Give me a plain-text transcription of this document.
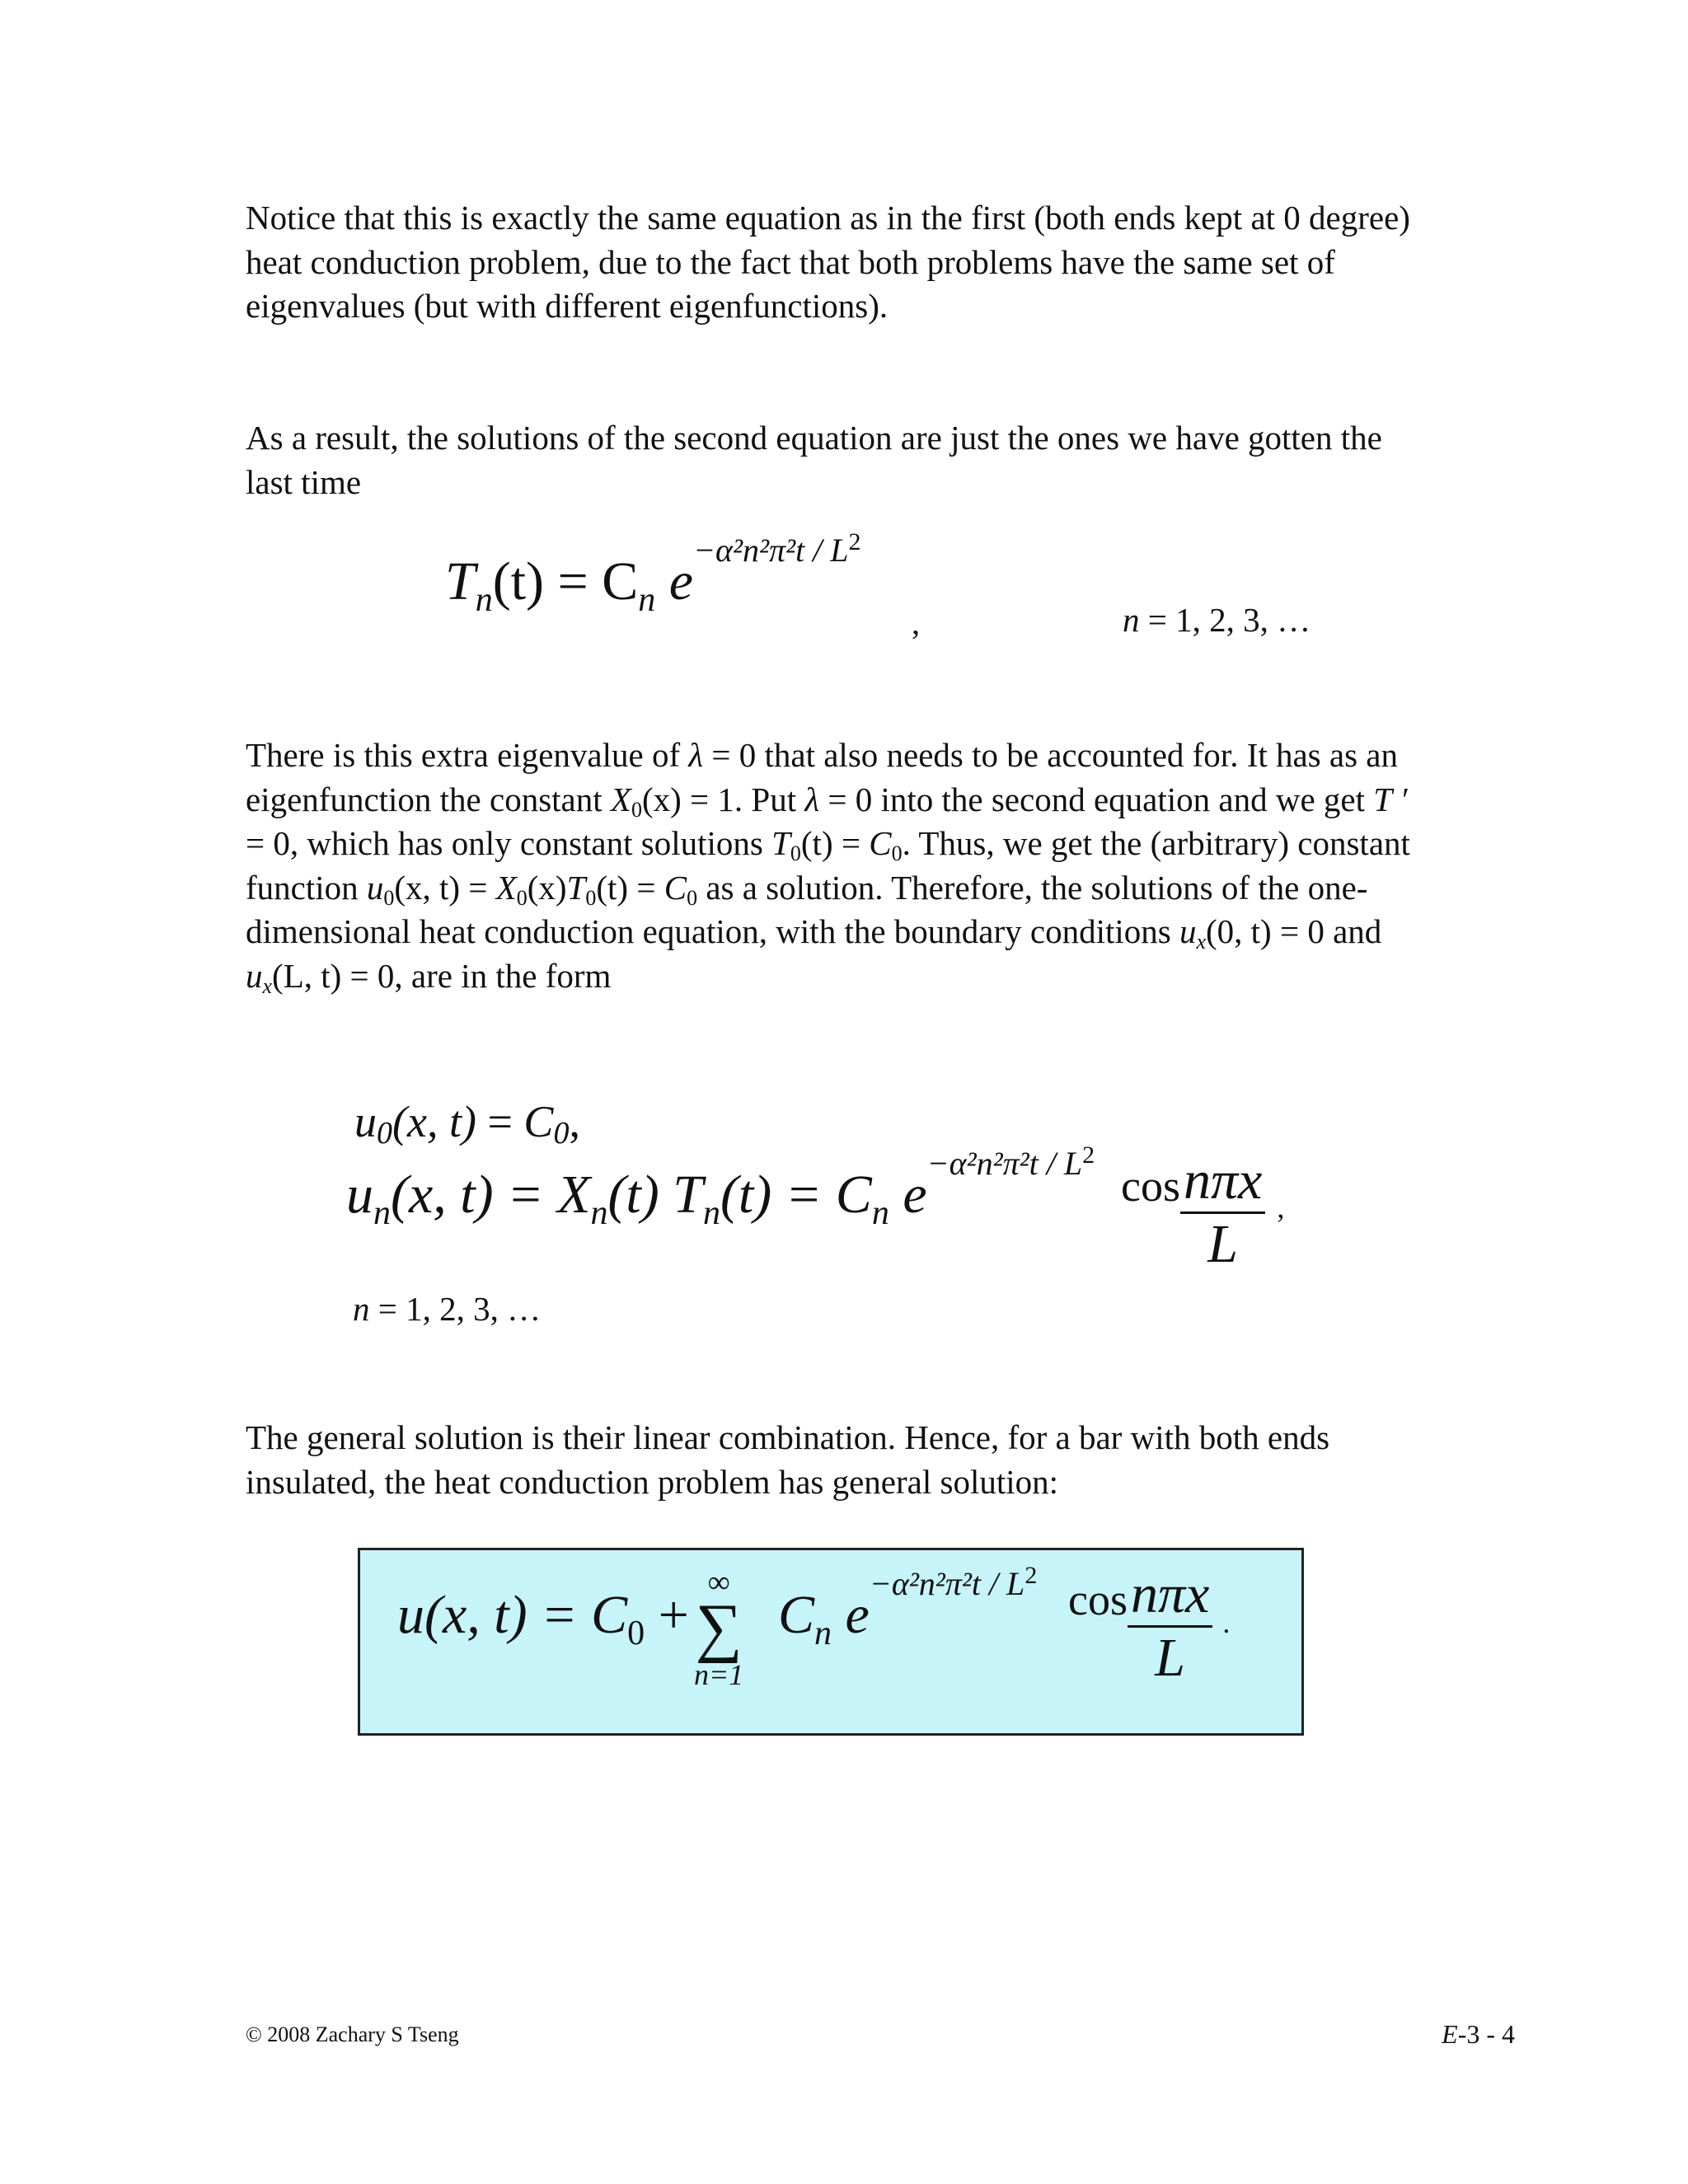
Notice that this is exactly the same equation as in the first (both ends kept at 0 degree) heat conduction problem, due to the fact that both problems have the same set of eigenvalues (but with different eigenfunctions).

As a result, the solutions of the second equation are just the ones we have gotten the last time

$T_n(t) = C_n$ $e^{-\alpha^2n^2\pi^2t / L^2}$
,	n = 1, 2, 3, …

There is this extra eigenvalue of λ = 0 that also needs to be accounted for. It has as an eigenfunction the constant $X_0(x) = 1$. Put λ = 0 into the second equation and we get T ′ = 0, which has only constant solutions $T_0(t) = C_0$. Thus, we get the (arbitrary) constant function $u_0(x$, $t) = X_0(x)T_0(t) = C_0$ as a solution. Therefore, the solutions of the one-dimensional heat conduction equation, with the boundary conditions $u_x(0$, t) = 0 and $u_x(L$, t) = 0, are in the form

u0(x, t) = C0,
$u_n(x$, $t) = X_n(t) T_n(t) = C_n$ $e^{-\alpha^2n^2\pi^2t / L^2}$
$\cos \frac{\text{nπx}}{L} _,$
n = 1, 2, 3, …

The general solution is their linear combination. Hence, for a bar with both ends insulated, the heat conduction problem has general solution:

u(x, $t) = C_0$ +
∞
∑
n=1
$C_n$ $e^{-\alpha^2n^2\pi^2t / L^2}$ $\cos \frac{\text{nπx}}{L} _.$
© 2008 Zachary S Tseng	E-3 - 4
